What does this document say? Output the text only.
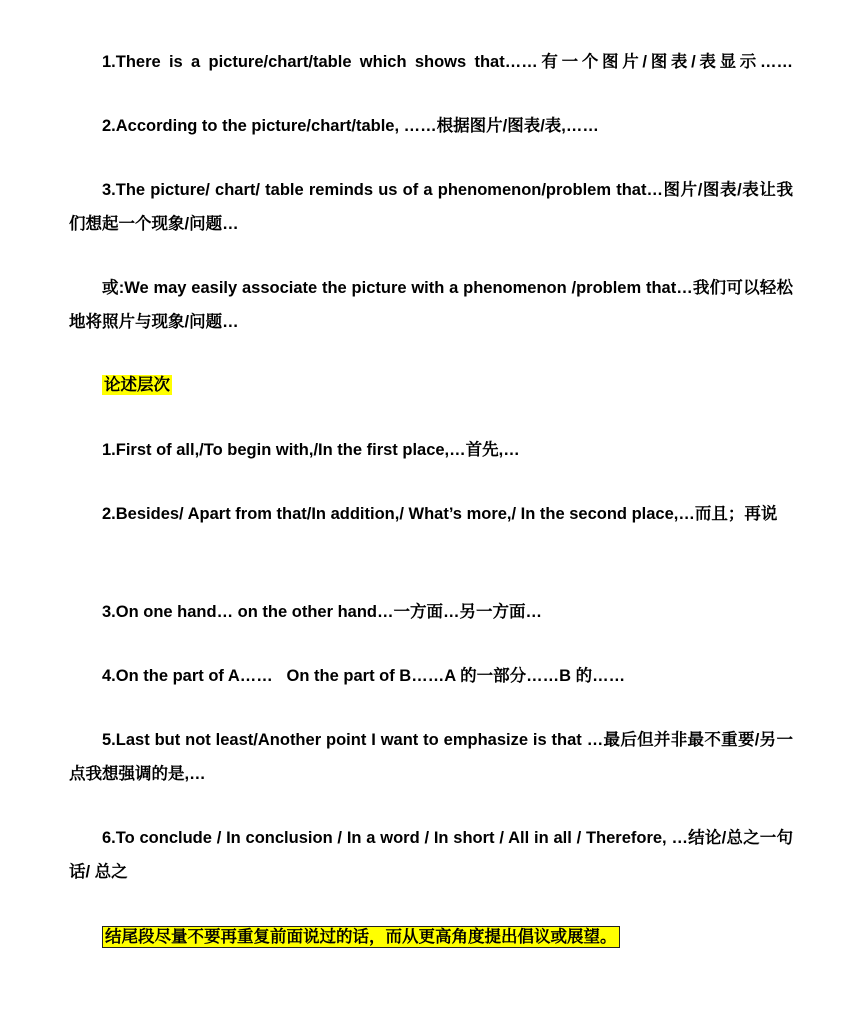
1.There is a picture/chart/table which shows that……有一个图片/图表/表显示……

2.According to the picture/chart/table, ……根据图片/图表/表,……

3.The picture/ chart/ table reminds us of a phenomenon/problem that…图片/图表/表让我们想起一个现象/问题…

或:We may easily associate the picture with a phenomenon /problem that…我们可以轻松地将照片与现象/问题…

论述层次

1.First of all,/To begin with,/In the first place,…首先,…

2.Besides/ Apart from that/In addition,/ What’s more,/ In the second place,…而且；再说

3.On one hand… on the other hand…一方面…另一方面…

4.On the part of A……   On the part of B……A 的一部分……B 的……

5.Last but not least/Another point I want to emphasize is that …最后但并非最不重要/另一点我想强调的是,…

6.To conclude / In conclusion / In a word / In short / All in all / Therefore, …结论/总之一句话/ 总之

结尾段尽量不要再重复前面说过的话，而从更高角度提出倡议或展望。
